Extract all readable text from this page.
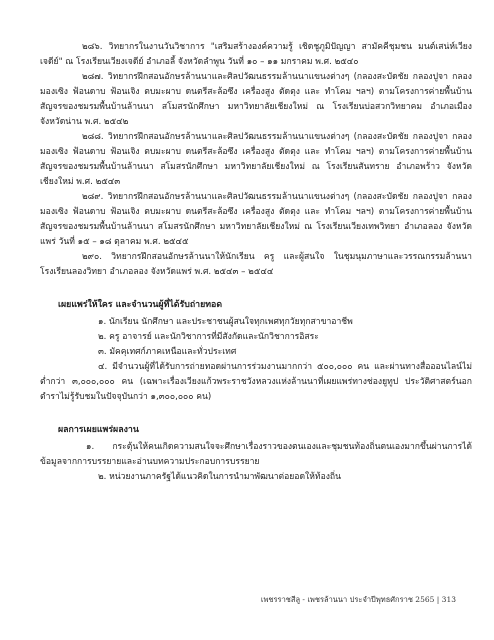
๒๘๖. วิทยากรในงานวันวิชาการ "เสริมสร้างองค์ความรู้ เชิดชูภูมิปัญญา สามัคคีชุมชน มนต์เสน่ห์เวียงเจดีย์" ณ โรงเรียนเวียงเจดีย์ อำเภอลี้ จังหวัดลำพูน วันที่ ๑๐ – ๑๑ มกราคม พ.ศ. ๒๕๔๐

๒๘๗. วิทยากรฝึกสอนอักษรล้านนาและศิลปวัฒนธรรมล้านนาแขนงต่างๆ (กลองสะบัดชัย กลองปูจา กลองมองเซิง ฟ้อนดาบ ฟ้อนเจิง ตบมะผาบ ดนตรีสะล้อซึง เครื่องสูง ตัดตุง และ ทำโคม ฯลฯ) ตามโครงการค่ายพื้นบ้านสัญจรของชมรมพื้นบ้านล้านนา สโมสรนักศึกษา มหาวิทยาลัยเชียงใหม่ ณ โรงเรียนบ่อสวกวิทยาคม อำเภอเมือง จังหวัดน่าน พ.ศ. ๒๕๔๒

๒๘๘. วิทยากรฝึกสอนอักษรล้านนาและศิลปวัฒนธรรมล้านนาแขนงต่างๆ (กลองสะบัดชัย กลองปูจา กลองมองเซิง ฟ้อนดาบ ฟ้อนเจิง ตบมะผาบ ดนตรีสะล้อซึง เครื่องสูง ตัดตุง และ ทำโคม ฯลฯ) ตามโครงการค่ายพื้นบ้านสัญจรของชมรมพื้นบ้านล้านนา สโมสรนักศึกษา มหาวิทยาลัยเชียงใหม่ ณ โรงเรียนสันทราย อำเภอพร้าว จังหวัดเชียงใหม่ พ.ศ. ๒๕๔๓

๒๘๙. วิทยากรฝึกสอนอักษรล้านนาและศิลปวัฒนธรรมล้านนาแขนงต่างๆ (กลองสะบัดชัย กลองปูจา กลองมองเซิง ฟ้อนดาบ ฟ้อนเจิง ตบมะผาบ ดนตรีสะล้อซึง เครื่องสูง ตัดตุง และ ทำโคม ฯลฯ) ตามโครงการค่ายพื้นบ้านสัญจรของชมรมพื้นบ้านล้านนา สโมสรนักศึกษา มหาวิทยาลัยเชียงใหม่ ณ โรงเรียนเวียงเทพวิทยา อำเภอลอง จังหวัดแพร่ วันที่ ๑๕ – ๑๘ ตุลาคม พ.ศ. ๒๕๔๕

๒๙๐. วิทยากรฝึกสอนอักษรล้านนาให้นักเรียน ครู และผู้สนใจ ในชุมนุมภาษาและวรรณกรรมล้านนา โรงเรียนลองวิทยา อำเภอลอง จังหวัดแพร่ พ.ศ. ๒๕๔๓ – ๒๕๔๔

เผยแพร่ให้ใคร และจำนวนผู้ที่ได้รับถ่ายทอด

๑. นักเรียน นักศึกษา และประชาชนผู้สนใจทุกเพศทุกวัยทุกสาขาอาชีพ

๒. ครู อาจารย์ และนักวิชาการที่มีสังกัดและนักวิชาการอิสระ

๓. มัคคุเทศก์ภาคเหนือและทั่วประเทศ

๔. มีจำนวนผู้ที่ได้รับการถ่ายทอดผ่านการร่วมงานมากกว่า ๕๐๐,๐๐๐ คน และผ่านทางสื่อออนไลน์ไม่ต่ำกว่า ๓,๐๐๐,๐๐๐ คน (เฉพาะเรื่องเวียงแก้วพระราชวังหลวงแห่งล้านนาที่เผยแพร่ทางช่องยูทูป ประวัติศาสตร์นอกตำราไม่รู้รับชมในปัจจุบันกว่า ๑,๓๐๐,๐๐๐ คน)

ผลการเผยแพร่ผลงาน

๑. กระตุ้นให้คนเกิดความสนใจจะศึกษาเรื่องราวของตนเองและชุมชนท้องถิ่นตนเองมากขึ้นผ่านการได้ข้อมูลจากการบรรยายและอ่านบทความประกอบการบรรยาย

๒. หน่วยงานภาครัฐได้แนวคิดในการนำมาพัฒนาต่อยอดให้ท้องถิ่น

เพชรราชสีลู - เพชรล้านนา ประจำปีพุทธศักราช 2565 | 313
